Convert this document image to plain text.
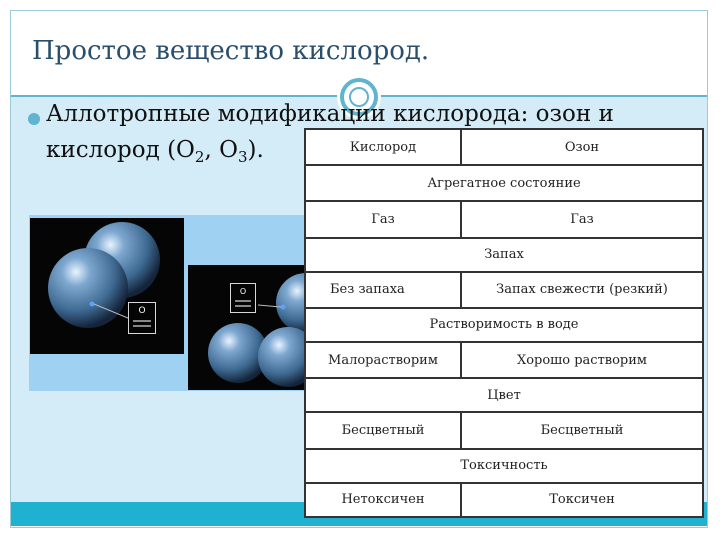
Простое вещество кислород.
Аллотропные модификации кислорода: озон и
кислород ($О_2$, $О_3$).
O
O
Кислород	Озон
Агрегатное состояние	
Газ	Газ
Запах	
Без запаха	Запах свежести (резкий)
Растворимость в воде	
Малорастворим	Хорошо растворим
Цвет	
Бесцветный	Бесцветный
Токсичность	
Нетоксичен	Токсичен
